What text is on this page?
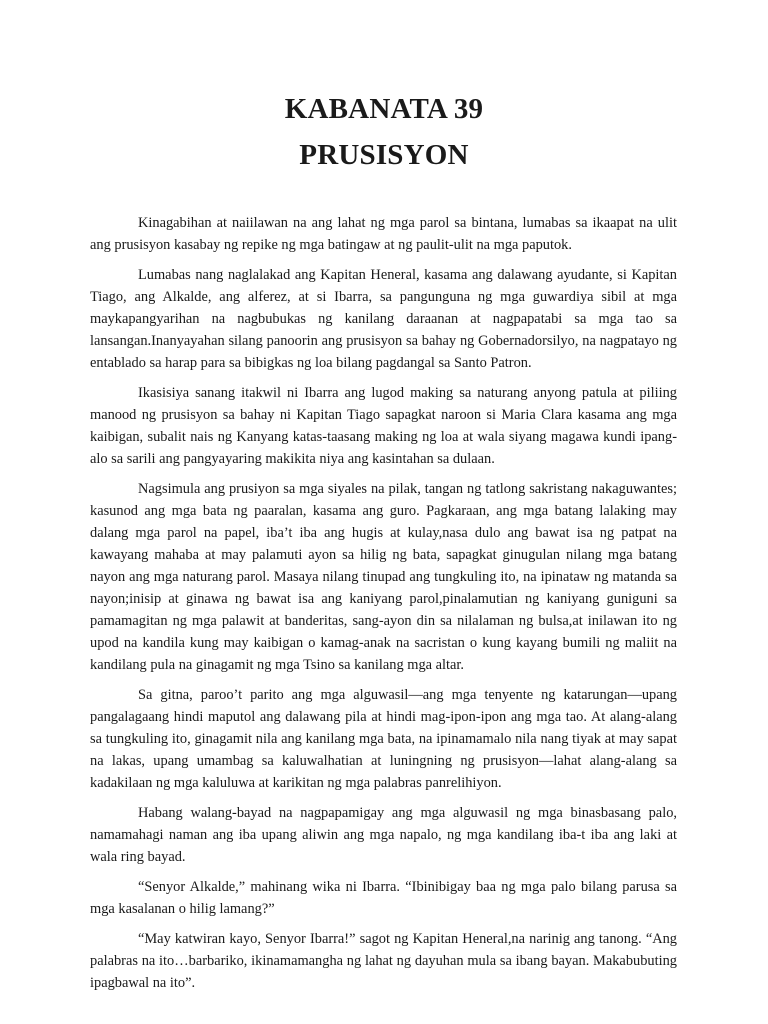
KABANATA 39
PRUSISYON

Kinagabihan at naiilawan na ang lahat ng mga parol sa bintana, lumabas sa ikaapat na ulit ang prusisyon kasabay ng repike ng mga batingaw at ng paulit-ulit na mga paputok.

Lumabas nang naglalakad ang Kapitan Heneral, kasama ang dalawang ayudante, si Kapitan Tiago, ang Alkalde, ang alferez, at si Ibarra, sa pangunguna ng mga guwardiya sibil at mga maykapangyarihan na nagbubukas ng kanilang daraanan at nagpapatabi sa mga tao sa lansangan.Inanyayahan silang panoorin ang prusisyon sa bahay ng Gobernadorsilyo, na nagpatayo ng entablado sa harap para sa bibigkas ng loa bilang pagdangal sa Santo Patron.

Ikasisiya sanang itakwil ni Ibarra ang lugod making sa naturang anyong patula at piliing manood ng prusisyon sa bahay ni Kapitan Tiago sapagkat naroon si Maria Clara kasama ang mga kaibigan, subalit nais ng Kanyang katas-taasang making ng loa at wala siyang magawa kundi ipang-alo sa sarili ang pangyayaring makikita niya ang kasintahan sa dulaan.

Nagsimula ang prusiyon sa mga siyales na pilak, tangan ng tatlong sakristang nakaguwantes; kasunod ang mga bata ng paaralan, kasama ang guro. Pagkaraan, ang mga batang lalaking may dalang mga parol na papel, iba’t iba ang hugis at kulay,nasa dulo ang bawat isa ng patpat na kawayang mahaba at may palamuti ayon sa hilig ng bata, sapagkat ginugulan nilang mga batang nayon ang mga naturang parol. Masaya nilang tinupad ang tungkuling ito, na ipinataw ng matanda sa nayon;inisip at ginawa ng bawat isa ang kaniyang parol,pinalamutian ng kaniyang guniguni sa pamamagitan ng mga palawit at banderitas, sang-ayon din sa nilalaman ng bulsa,at inilawan ito ng upod na kandila kung may kaibigan o kamag-anak na sacristan o kung kayang bumili ng maliit na kandilang pula na ginagamit ng mga Tsino sa kanilang mga altar.

Sa gitna, paroo’t parito ang mga alguwasil—ang mga tenyente ng katarungan—upang pangalagaang hindi maputol ang dalawang pila at hindi mag-ipon-ipon ang mga tao. At alang-alang sa tungkuling ito, ginagamit nila ang kanilang mga bata, na ipinamamalo nila nang tiyak at may sapat na lakas, upang umambag sa kaluwalhatian at luningning ng prusisyon—lahat alang-alang sa kadakilaan ng mga kaluluwa at karikitan ng mga palabras panrelihiyon.

Habang walang-bayad na nagpapamigay ang mga alguwasil ng mga binasbasang palo, namamahagi naman ang iba upang aliwin ang mga napalo, ng mga kandilang iba-t iba ang laki at wala ring bayad.

“Senyor Alkalde,” mahinang wika ni Ibarra. “Ibinibigay baa ng mga palo bilang parusa sa mga kasalanan o hilig lamang?”

“May katwiran kayo, Senyor Ibarra!” sagot ng Kapitan Heneral,na narinig ang tanong. “Ang palabras na ito…barbariko, ikinamamangha ng lahat ng dayuhan mula sa ibang bayan. Makabubuting ipagbawal na ito”.
